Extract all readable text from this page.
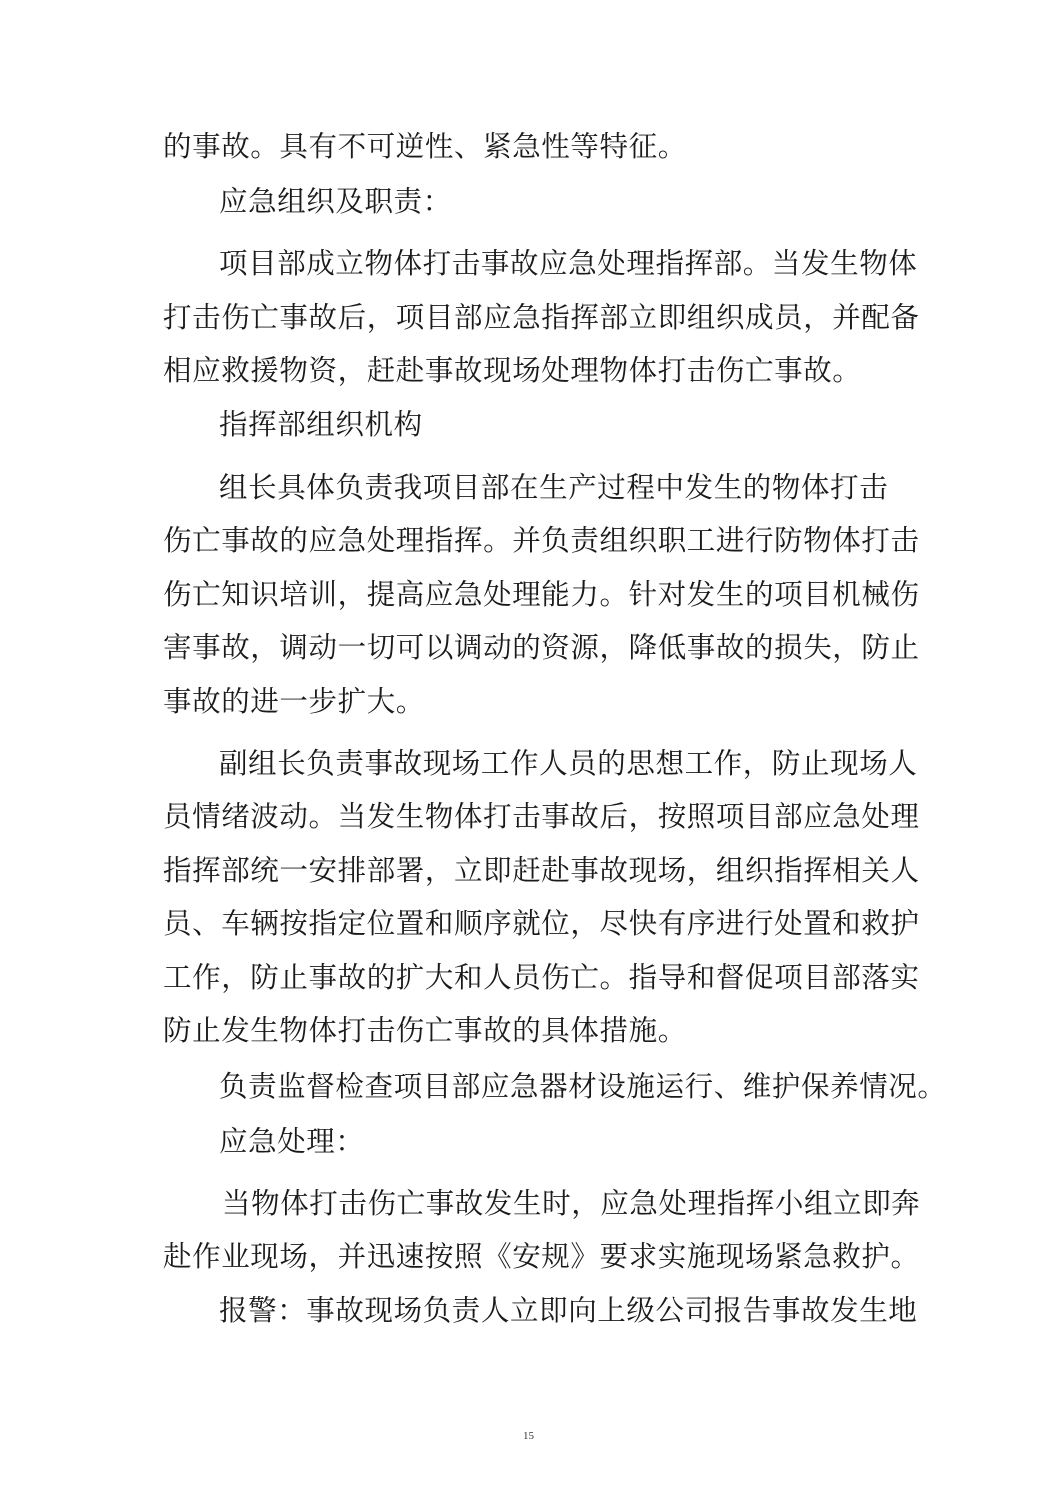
的事故。具有不可逆性、紧急性等特征。
应急组织及职责：
项目部成立物体打击事故应急处理指挥部。当发生物体
打击伤亡事故后，项目部应急指挥部立即组织成员，并配备
相应救援物资，赶赴事故现场处理物体打击伤亡事故。
指挥部组织机构
组长具体负责我项目部在生产过程中发生的物体打击
伤亡事故的应急处理指挥。并负责组织职工进行防物体打击
伤亡知识培训，提高应急处理能力。针对发生的项目机械伤
害事故，调动一切可以调动的资源，降低事故的损失，防止
事故的进一步扩大。
副组长负责事故现场工作人员的思想工作，防止现场人
员情绪波动。当发生物体打击事故后，按照项目部应急处理
指挥部统一安排部署，立即赶赴事故现场，组织指挥相关人
员、车辆按指定位置和顺序就位，尽快有序进行处置和救护
工作，防止事故的扩大和人员伤亡。指导和督促项目部落实
防止发生物体打击伤亡事故的具体措施。
负责监督检查项目部应急器材设施运行、维护保养情况。
应急处理：
当物体打击伤亡事故发生时，应急处理指挥小组立即奔
赴作业现场，并迅速按照《安规》要求实施现场紧急救护。
报警：事故现场负责人立即向上级公司报告事故发生地
15
